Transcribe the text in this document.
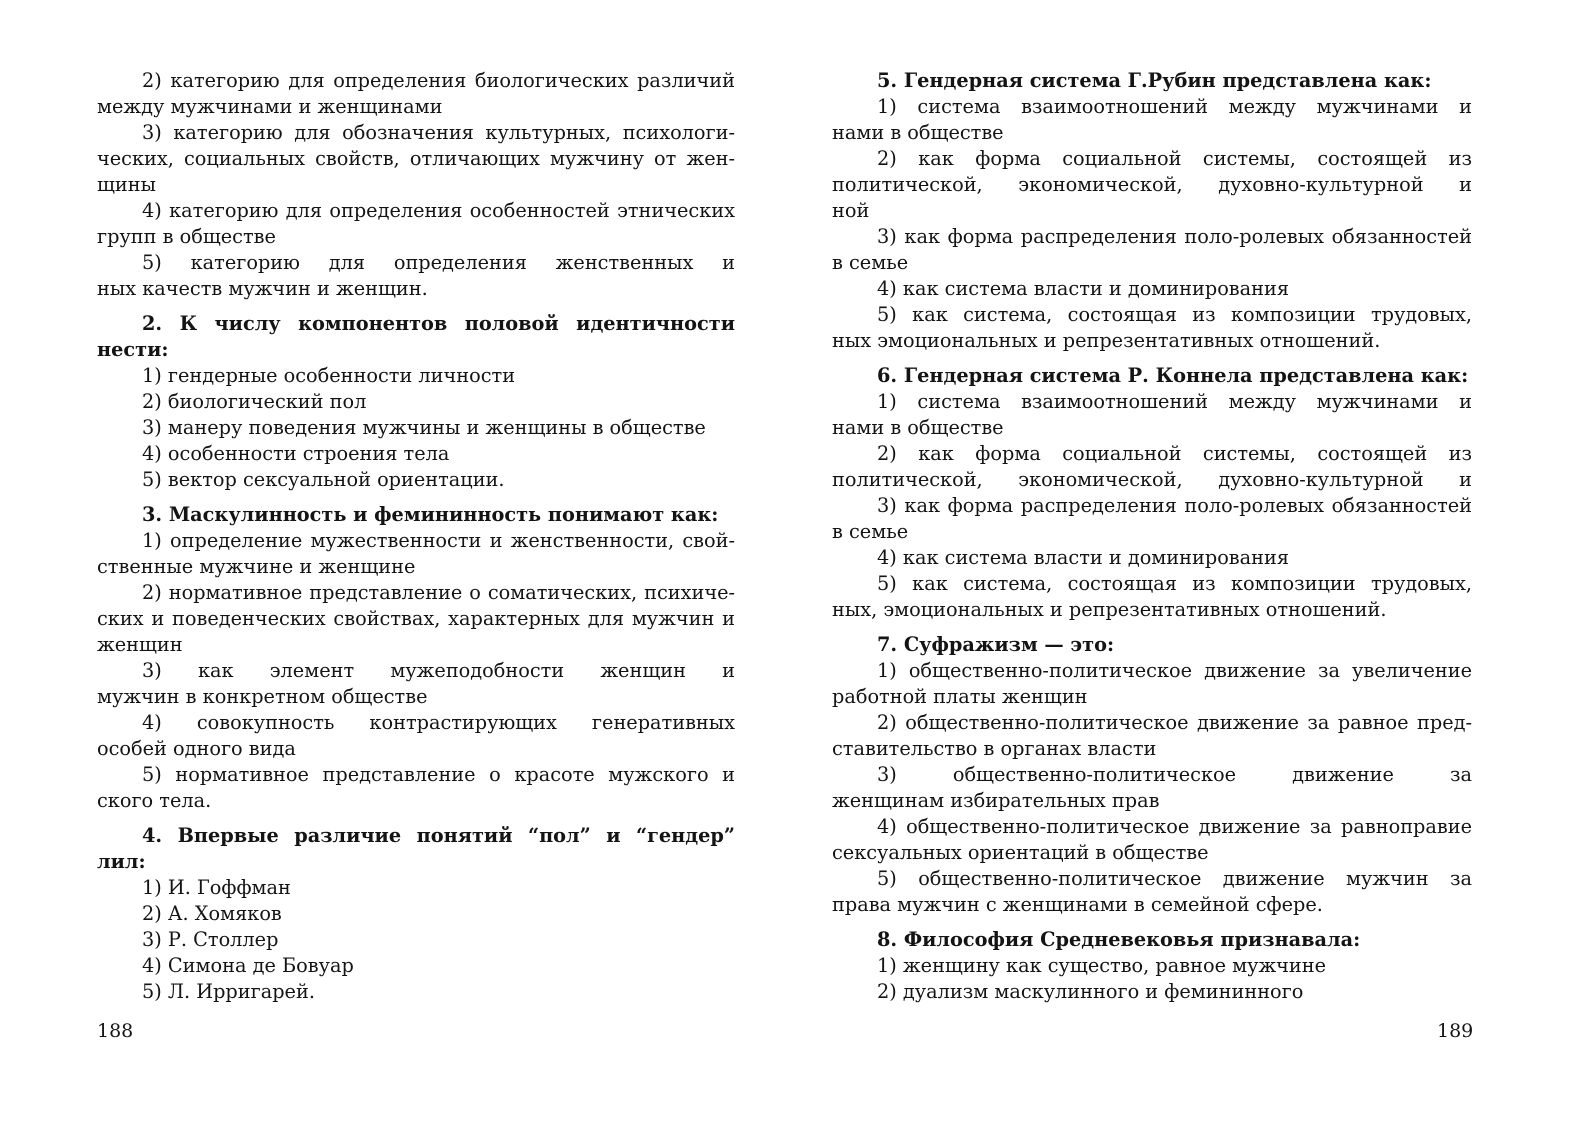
2) категорию для определения биологических различий
между мужчинами и женщинами
3) категорию для обозначения культурных, психологи-
ческих, социальных свойств, отличающих мужчину от жен-
щины
4) категорию для определения особенностей этнических
групп в обществе
5) категорию для определения женственных и
ных качеств мужчин и женщин.
2. К числу компонентов половой идентичности
нести:
1) гендерные особенности личности
2) биологический пол
3) манеру поведения мужчины и женщины в обществе
4) особенности строения тела
5) вектор сексуальной ориентации.
3. Маскулинность и фемининность понимают как:
1) определение мужественности и женственности, свой-
ственные мужчине и женщине
2) нормативное представление о соматических, психиче-
ских и поведенческих свойствах, характерных для мужчин и
женщин
3) как элемент мужеподобности женщин и
мужчин в конкретном обществе
4) совокупность контрастирующих генеративных
особей одного вида
5) нормативное представление о красоте мужского и
ского тела.
4. Впервые различие понятий “пол” и “гендер”
лил:
1) И. Гоффман
2) А. Хомяков
3) Р. Столлер
4) Симона де Бовуар
5) Л. Ирригарей.
188
5. Гендерная система Г.Рубин представлена как:
1) система взаимоотношений между мужчинами и
нами в обществе
2) как форма социальной системы, состоящей из
политической, экономической, духовно-культурной и
ной
3) как форма распределения поло-ролевых обязанностей
в семье
4) как система власти и доминирования
5) как система, состоящая из композиции трудовых,
ных эмоциональных и репрезентативных отношений.
6. Гендерная система Р. Коннела представлена как:
1) система взаимоотношений между мужчинами и
нами в обществе
2) как форма социальной системы, состоящей из
политической, экономической, духовно-культурной и
3) как форма распределения поло-ролевых обязанностей
в семье
4) как система власти и доминирования
5) как система, состоящая из композиции трудовых,
ных, эмоциональных и репрезентативных отношений.
7. Суфражизм — это:
1) общественно-политическое движение за увеличение
работной платы женщин
2) общественно-политическое движение за равное пред-
ставительство в органах власти
3) общественно-политическое движение за
женщинам избирательных прав
4) общественно-политическое движение за равноправие
сексуальных ориентаций в обществе
5) общественно-политическое движение мужчин за
права мужчин с женщинами в семейной сфере.
8. Философия Средневековья признавала:
1) женщину как существо, равное мужчине
2) дуализм маскулинного и фемининного
189
